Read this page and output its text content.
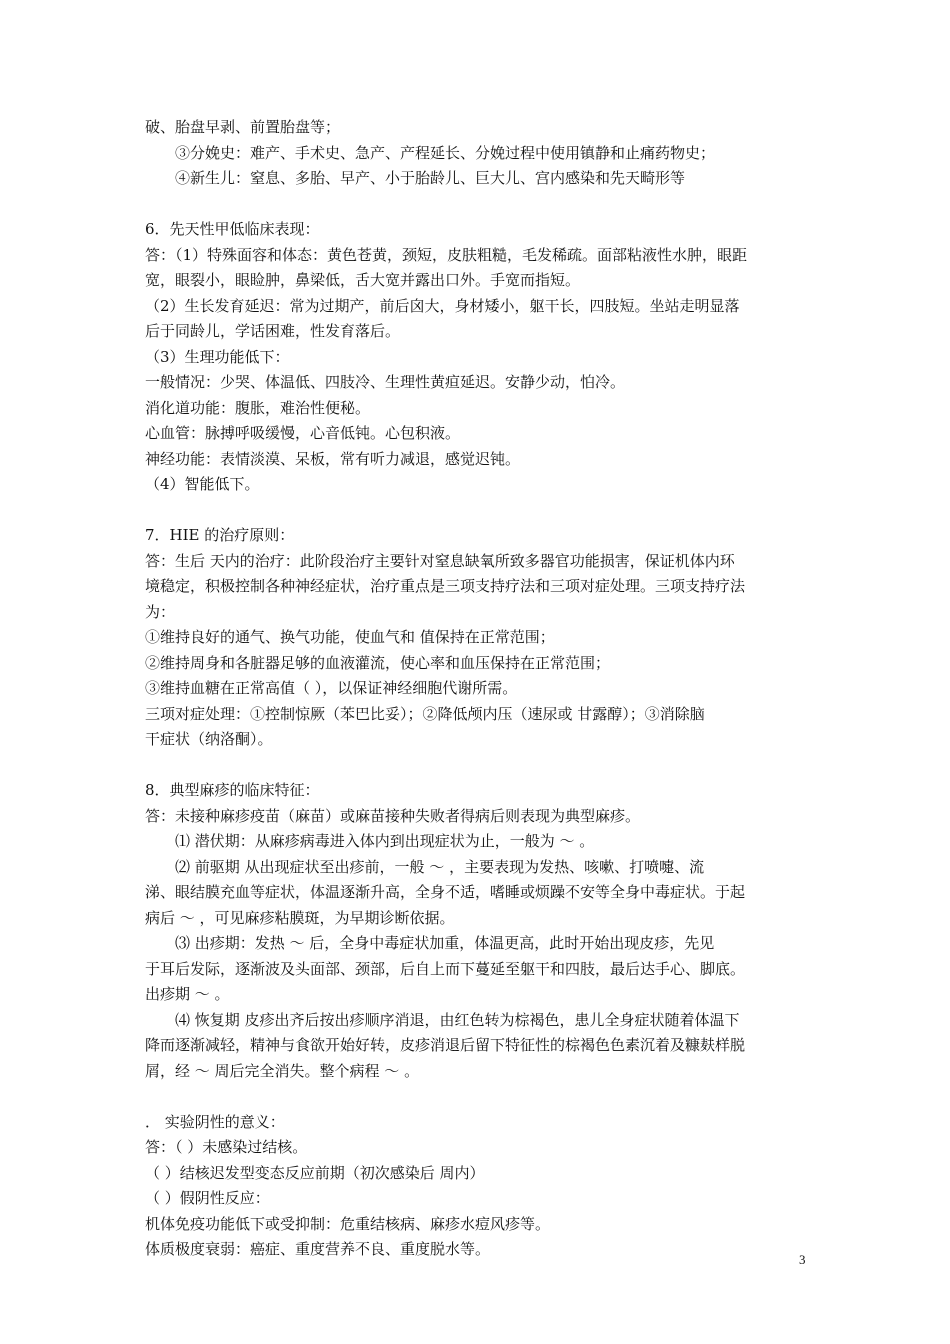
破、胎盘早剥、前置胎盘等；
③分娩史：难产、手术史、急产、产程延长、分娩过程中使用镇静和止痛药物史；
④新生儿：窒息、多胎、早产、小于胎龄儿、巨大儿、宫内感染和先天畸形等
6．先天性甲低临床表现：
答：（1）特殊面容和体态：黄色苍黄，颈短，皮肤粗糙，毛发稀疏。面部粘液性水肿，眼距
宽，眼裂小，眼睑肿，鼻梁低，舌大宽并露出口外。手宽而指短。
（2）生长发育延迟：常为过期产，前后囟大，身材矮小，躯干长，四肢短。坐站走明显落
后于同龄儿，学话困难，性发育落后。
（3）生理功能低下：
一般情况：少哭、体温低、四肢冷、生理性黄疸延迟。安静少动，怕冷。
消化道功能：腹胀，难治性便秘。
心血管：脉搏呼吸缓慢，心音低钝。心包积液。
神经功能：表情淡漠、呆板，常有听力减退，感觉迟钝。
（4）智能低下。
7．HIE 的治疗原则：
答：生后 天内的治疗：此阶段治疗主要针对窒息缺氧所致多器官功能损害，保证机体内环
境稳定，积极控制各种神经症状，治疗重点是三项支持疗法和三项对症处理。三项支持疗法
为：
①维持良好的通气、换气功能，使血气和 值保持在正常范围；
②维持周身和各脏器足够的血液灌流，使心率和血压保持在正常范围；
③维持血糖在正常高值（ ），以保证神经细胞代谢所需。
三项对症处理：①控制惊厥（苯巴比妥）；②降低颅内压（速尿或 甘露醇）；③消除脑
干症状（纳洛酮）。
8．典型麻疹的临床特征：
答：未接种麻疹疫苗（麻苗）或麻苗接种失败者得病后则表现为典型麻疹。
⑴ 潜伏期：从麻疹病毒进入体内到出现症状为止，一般为 ～ 。
⑵ 前驱期 从出现症状至出疹前，一般 ～ ，主要表现为发热、咳嗽、打喷嚏、流
涕、眼结膜充血等症状，体温逐渐升高，全身不适，嗜睡或烦躁不安等全身中毒症状。于起
病后 ～ ，可见麻疹粘膜斑，为早期诊断依据。
⑶ 出疹期：发热 ～ 后，全身中毒症状加重，体温更高，此时开始出现皮疹，先见
于耳后发际，逐渐波及头面部、颈部，后自上而下蔓延至躯干和四肢，最后达手心、脚底。
出疹期 ～ 。
⑷ 恢复期 皮疹出齐后按出疹顺序消退，由红色转为棕褐色，患儿全身症状随着体温下
降而逐渐减轻，精神与食欲开始好转，皮疹消退后留下特征性的棕褐色色素沉着及糠麸样脱
屑，经 ～ 周后完全消失。整个病程 ～ 。
． 实验阴性的意义：
答：（ ）未感染过结核。
（ ）结核迟发型变态反应前期（初次感染后 周内）
（ ）假阴性反应：
机体免疫功能低下或受抑制：危重结核病、麻疹水痘风疹等。
体质极度衰弱：癌症、重度营养不良、重度脱水等。
3
